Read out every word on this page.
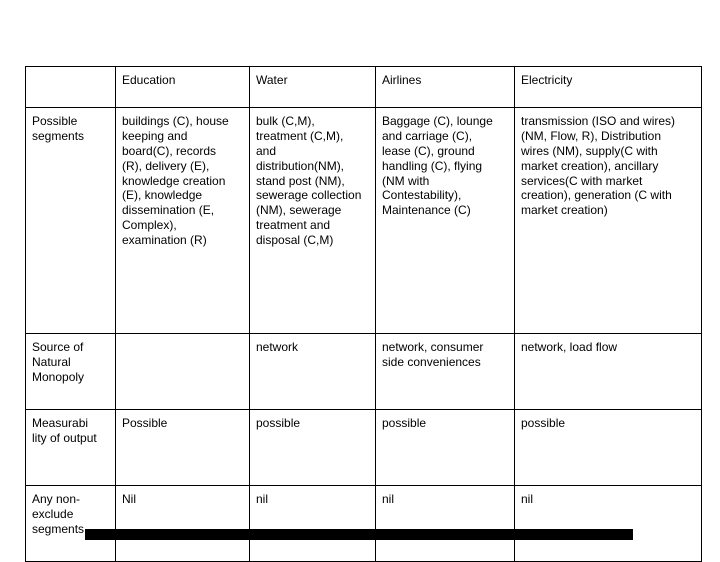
	Education	Water	Airlines	Electricity
Possible segments	buildings (C), house keeping and board(C), records (R), delivery (E), knowledge creation (E), knowledge dissemination (E, Complex), examination (R)	bulk (C,M), treatment (C,M), and distribution(NM), stand post (NM), sewerage collection (NM), sewerage treatment and disposal (C,M)	Baggage (C), lounge and carriage (C), lease (C), ground handling (C), flying (NM with Contestability), Maintenance (C)	transmission (ISO and wires) (NM, Flow, R), Distribution wires (NM), supply(C with market creation), ancillary services(C with market creation), generation (C with market creation)
Source of Natural Monopoly		network	network, consumer side conveniences	network, load flow
Measurabi lity of output	Possible	possible	possible	possible
Any non-exclude segments	Nil	nil	nil	nil
